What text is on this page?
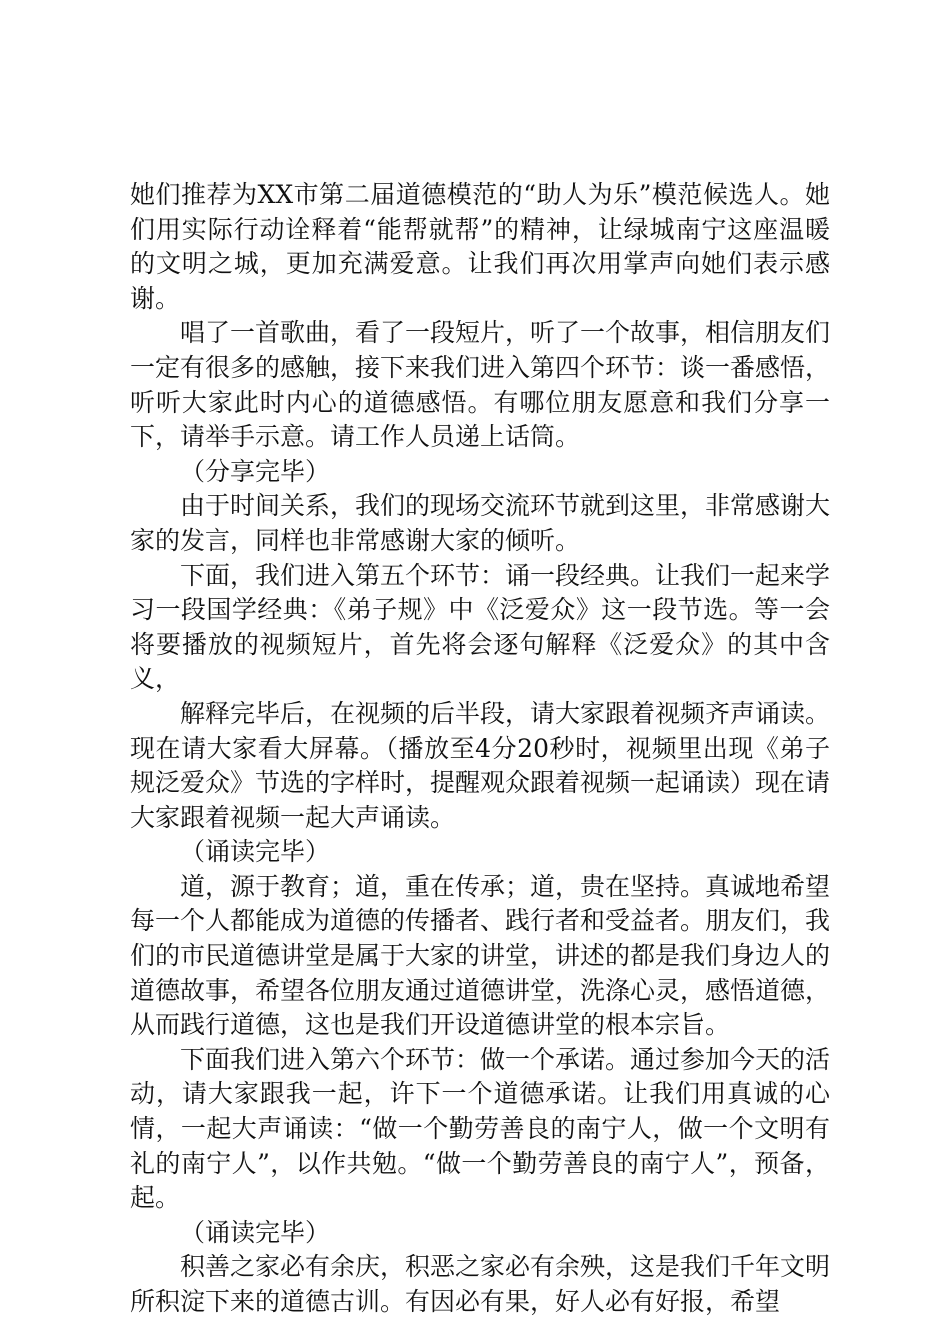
她们推荐为XX市第二届道德模范的“助人为乐”模范候选人。她们用实际行动诠释着“能帮就帮”的精神，让绿城南宁这座温暖的文明之城，更加充满爱意。让我们再次用掌声向她们表示感谢。

唱了一首歌曲，看了一段短片，听了一个故事，相信朋友们一定有很多的感触，接下来我们进入第四个环节：谈一番感悟，听听大家此时内心的道德感悟。有哪位朋友愿意和我们分享一下，请举手示意。请工作人员递上话筒。

（分享完毕）

由于时间关系，我们的现场交流环节就到这里，非常感谢大家的发言，同样也非常感谢大家的倾听。

下面，我们进入第五个环节：诵一段经典。让我们一起来学习一段国学经典：《弟子规》中《泛爱众》这一段节选。等一会将要播放的视频短片，首先将会逐句解释《泛爱众》的其中含义，

解释完毕后，在视频的后半段，请大家跟着视频齐声诵读。现在请大家看大屏幕。（播放至4分20秒时，视频里出现《弟子规泛爱众》节选的字样时，提醒观众跟着视频一起诵读）现在请大家跟着视频一起大声诵读。

（诵读完毕）

道，源于教育；道，重在传承；道，贵在坚持。真诚地希望每一个人都能成为道德的传播者、践行者和受益者。朋友们，我们的市民道德讲堂是属于大家的讲堂，讲述的都是我们身边人的道德故事，希望各位朋友通过道德讲堂，洗涤心灵，感悟道德，从而践行道德，这也是我们开设道德讲堂的根本宗旨。

下面我们进入第六个环节：做一个承诺。通过参加今天的活动，请大家跟我一起，许下一个道德承诺。让我们用真诚的心情，一起大声诵读：“做一个勤劳善良的南宁人，做一个文明有礼的南宁人”，以作共勉。“做一个勤劳善良的南宁人”，预备，起。

（诵读完毕）

积善之家必有余庆，积恶之家必有余殃，这是我们千年文明所积淀下来的道德古训。有因必有果，好人必有好报，希望
